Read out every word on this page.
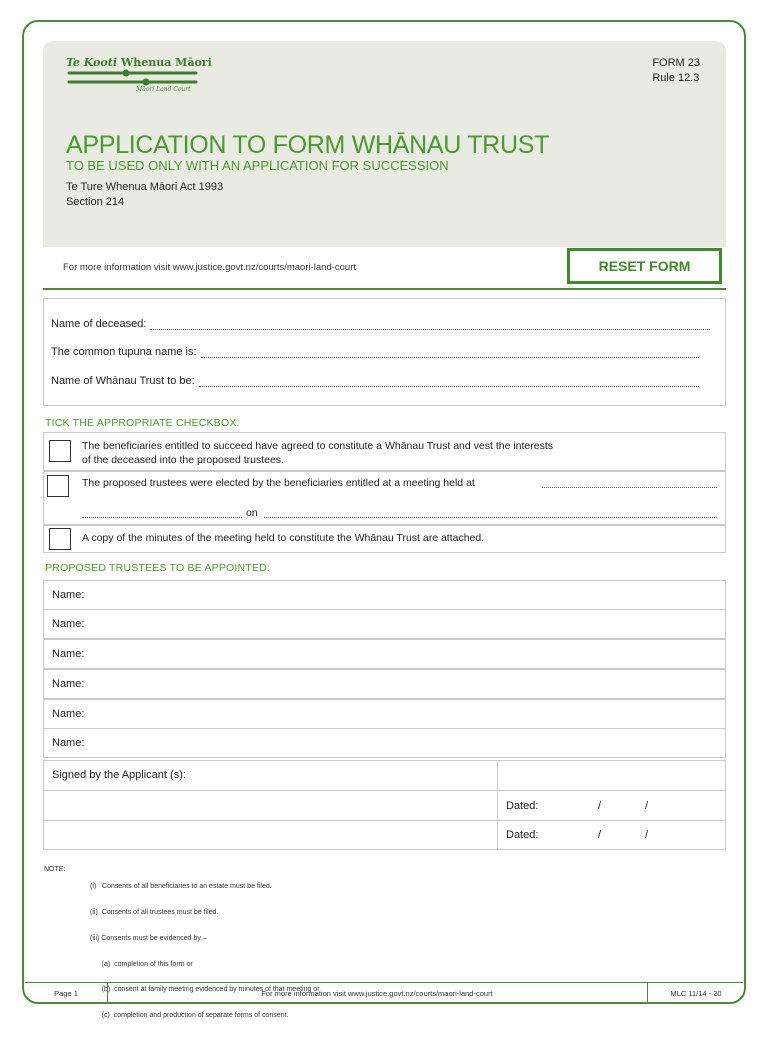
Te Kooti Whenua Māori
Māori Land Court
FORM 23
Rule 12.3
APPLICATION TO FORM WHĀNAU TRUST
TO BE USED ONLY WITH AN APPLICATION FOR SUCCESSION
Te Ture Whenua Māori Act 1993
Section 214
For more information visit www.justice.govt.nz/courts/maori-land-court	RESET FORM
Name of deceased:
The common tupuna name is:
Name of Whānau Trust to be:
TICK THE APPROPRIATE CHECKBOX:
The beneficiaries entitled to succeed have agreed to constitute a Whānau Trust and vest the interests
of the deceased into the proposed trustees.
The proposed trustees were elected by the beneficiaries entitled at a meeting held at
on
A copy of the minutes of the meeting held to constitute the Whānau Trust are attached.
PROPOSED TRUSTEES TO BE APPOINTED:
Name:
Name:
Name:
Name:
Name:
Name:
Signed by the Applicant (s):
Dated:	/	/
Dated:	/	/
NOTE:

(i)   Consents of all beneficiaries to an estate must be filed.

(ii)  Consents of all trustees must be filed.

(iii) Consents must be evidenced by –

(a)  completion of this form or

(b)  consent at family meeting evidenced by minutes of that meeting or

(c)  completion and production of separate forms of consent.

Page 1	For more information visit www.justice.govt.nz/courts/maori-land-court	MLC 11/14 - 20
